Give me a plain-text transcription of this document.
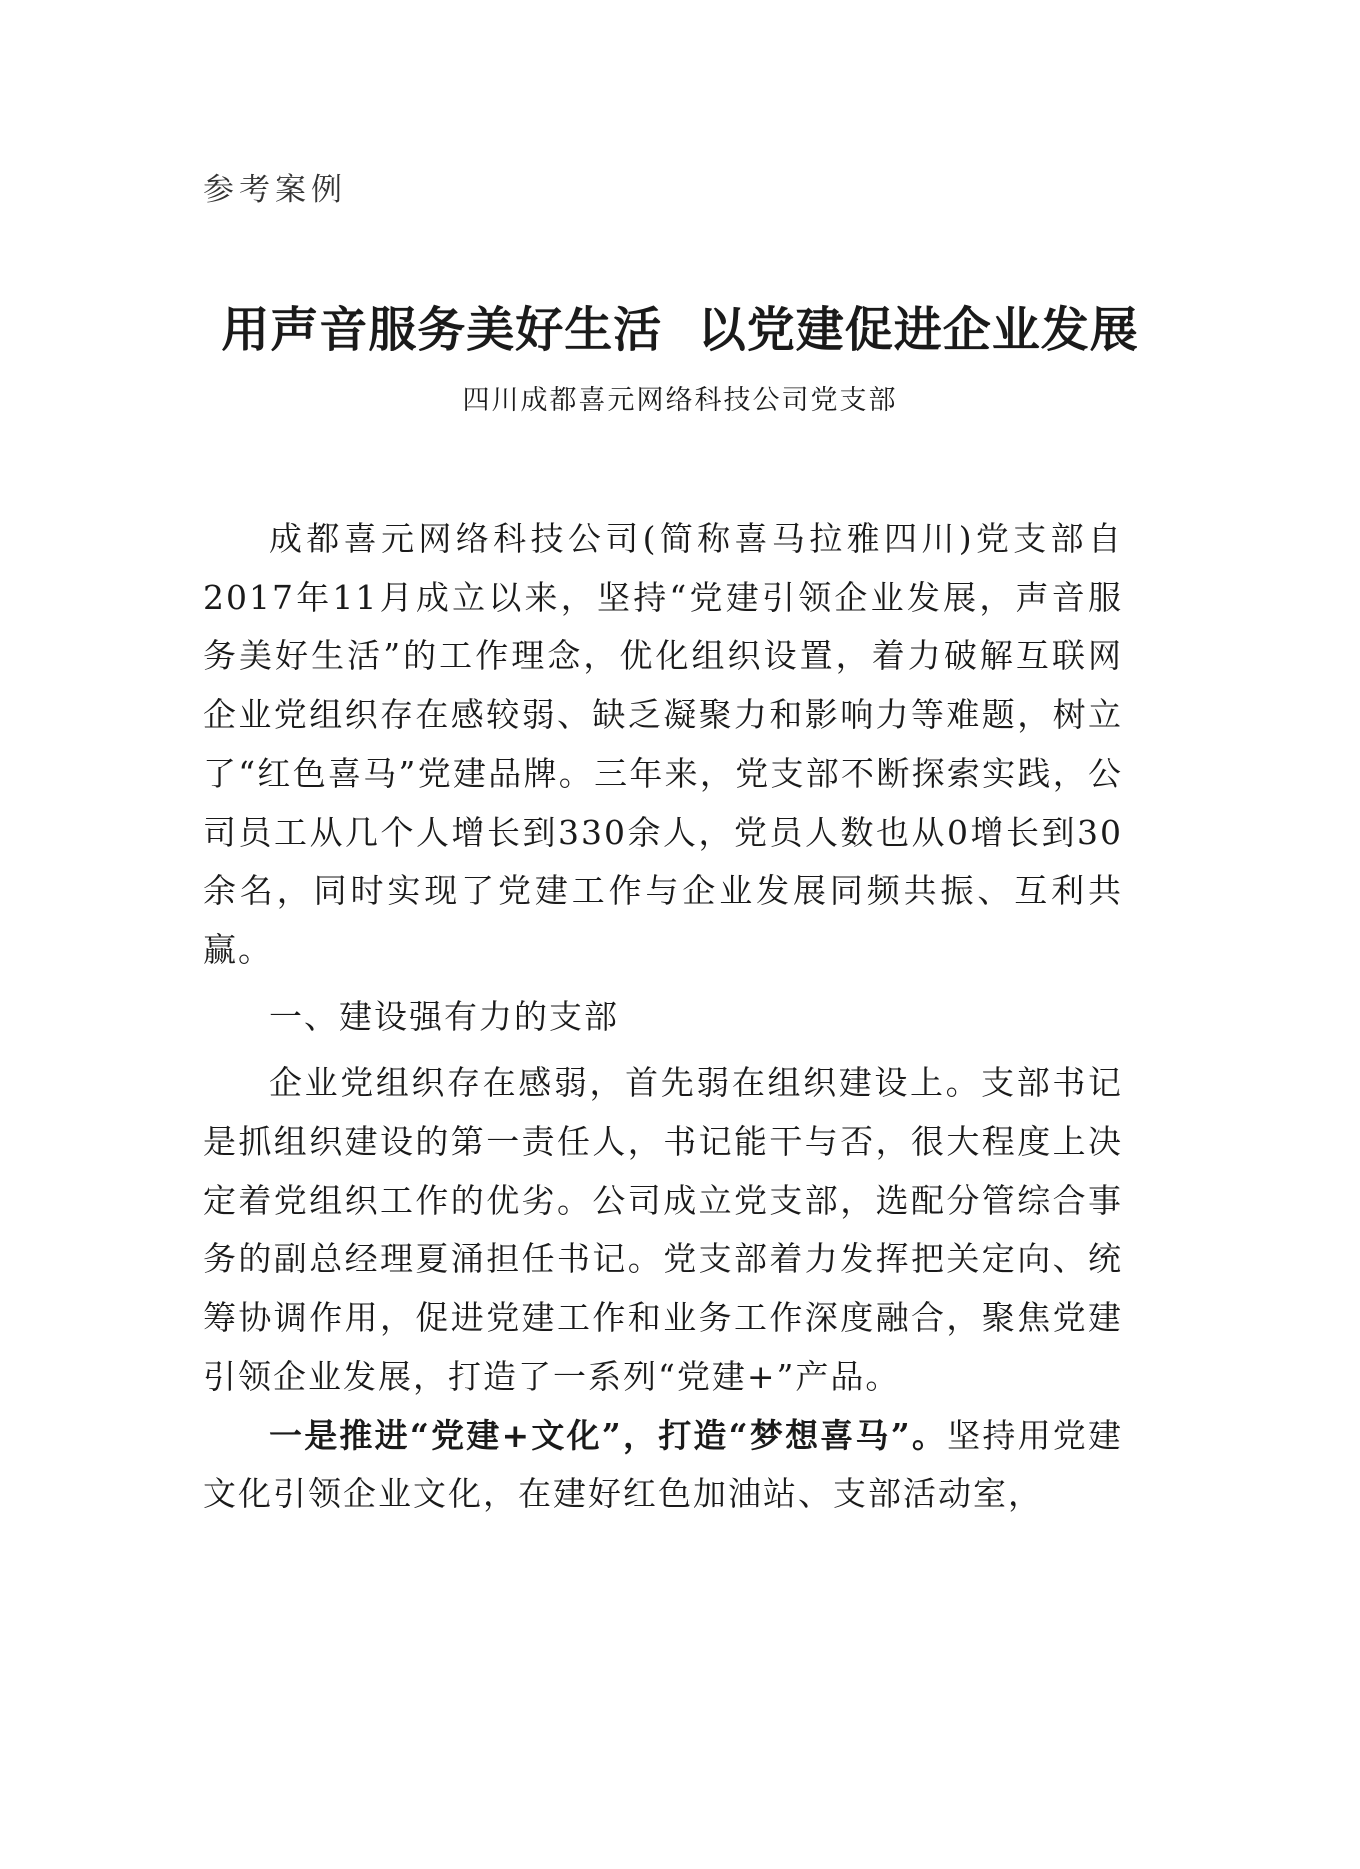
参考案例
用声音服务美好生活  以党建促进企业发展
四川成都喜元网络科技公司党支部

成都喜元网络科技公司(简称喜马拉雅四川)党支部自2017年11月成立以来，坚持“党建引领企业发展，声音服务美好生活”的工作理念，优化组织设置，着力破解互联网企业党组织存在感较弱、缺乏凝聚力和影响力等难题，树立了“红色喜马”党建品牌。三年来，党支部不断探索实践，公司员工从几个人增长到330余人，党员人数也从0增长到30余名，同时实现了党建工作与企业发展同频共振、互利共赢。

一、建设强有力的支部

企业党组织存在感弱，首先弱在组织建设上。支部书记是抓组织建设的第一责任人，书记能干与否，很大程度上决定着党组织工作的优劣。公司成立党支部，选配分管综合事务的副总经理夏涌担任书记。党支部着力发挥把关定向、统筹协调作用，促进党建工作和业务工作深度融合，聚焦党建引领企业发展，打造了一系列“党建+”产品。

一是推进“党建+文化”，打造“梦想喜马”。坚持用党建文化引领企业文化，在建好红色加油站、支部活动室，
